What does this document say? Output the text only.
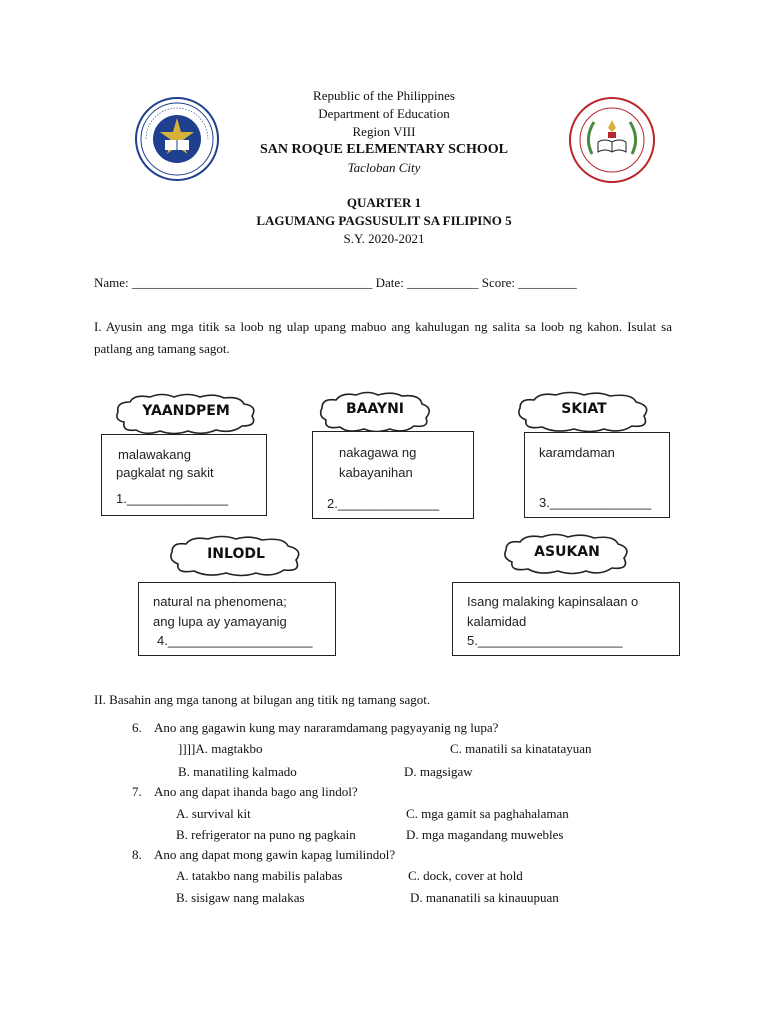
Republic of the Philippines
Department of Education
Region VIII
SAN ROQUE ELEMENTARY SCHOOL
Tacloban City
QUARTER 1
LAGUMANG PAGSUSULIT SA FILIPINO 5
S.Y. 2020-2021
Name: _____________________________________ Date: ___________ Score: _________
I. Ayusin ang mga titik sa loob ng ulap upang mabuo ang kahulugan ng salita sa loob ng kahon. Isulat sa patlang ang tamang sagot.
YAANDPEM	BAAYNI	SKIAT
malawakang
pagkalat ng sakit
1.______________
nakagawa ng
kabayanihan
2.______________
karamdaman
3.______________
INLODL	ASUKAN
natural na phenomena;
ang lupa ay yamayanig
4.____________________
Isang malaking kapinsalaan o
kalamidad
5.____________________
II. Basahin ang mga tanong at bilugan ang titik ng tamang sagot.
6. Ano ang gagawin kung may nararamdamang pagyayanig ng lupa?
]]]]A. magtakbo	C. manatili sa kinatatayuan
B. manatiling kalmado	D. magsigaw
7. Ano ang dapat ihanda bago ang lindol?
A. survival kit	C. mga gamit sa paghahalaman
B. refrigerator na puno ng pagkain	D. mga magandang muwebles
8. Ano ang dapat mong gawin kapag lumilindol?
A. tatakbo nang mabilis palabas	C. dock, cover at hold
B. sisigaw nang malakas	D. mananatili sa kinauupuan
